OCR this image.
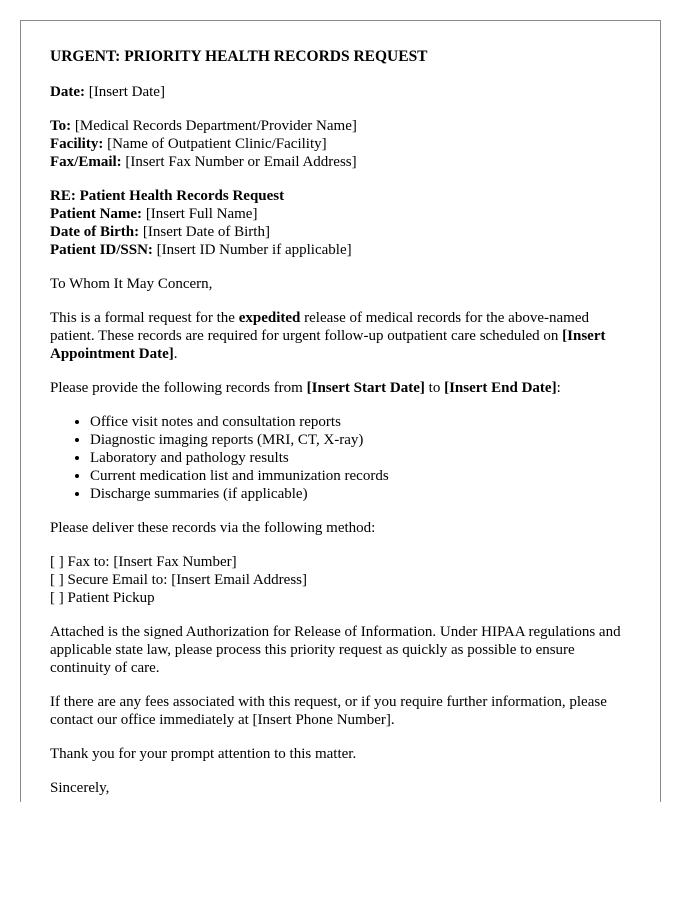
URGENT: PRIORITY HEALTH RECORDS REQUEST

Date: [Insert Date]

To: [Medical Records Department/Provider Name]
Facility: [Name of Outpatient Clinic/Facility]
Fax/Email: [Insert Fax Number or Email Address]
RE: Patient Health Records Request
Patient Name: [Insert Full Name]
Date of Birth: [Insert Date of Birth]
Patient ID/SSN: [Insert ID Number if applicable]

To Whom It May Concern,

This is a formal request for the expedited release of medical records for the above-named patient. These records are required for urgent follow-up outpatient care scheduled on [Insert Appointment Date].

Please provide the following records from [Insert Start Date] to [Insert End Date]:

• Office visit notes and consultation reports
• Diagnostic imaging reports (MRI, CT, X-ray)
• Laboratory and pathology results
• Current medication list and immunization records
• Discharge summaries (if applicable)

Please deliver these records via the following method:

[ ] Fax to: [Insert Fax Number]
[ ] Secure Email to: [Insert Email Address]
[ ] Patient Pickup

Attached is the signed Authorization for Release of Information. Under HIPAA regulations and applicable state law, please process this priority request as quickly as possible to ensure continuity of care.

If there are any fees associated with this request, or if you require further information, please contact our office immediately at [Insert Phone Number].

Thank you for your prompt attention to this matter.

Sincerely,
